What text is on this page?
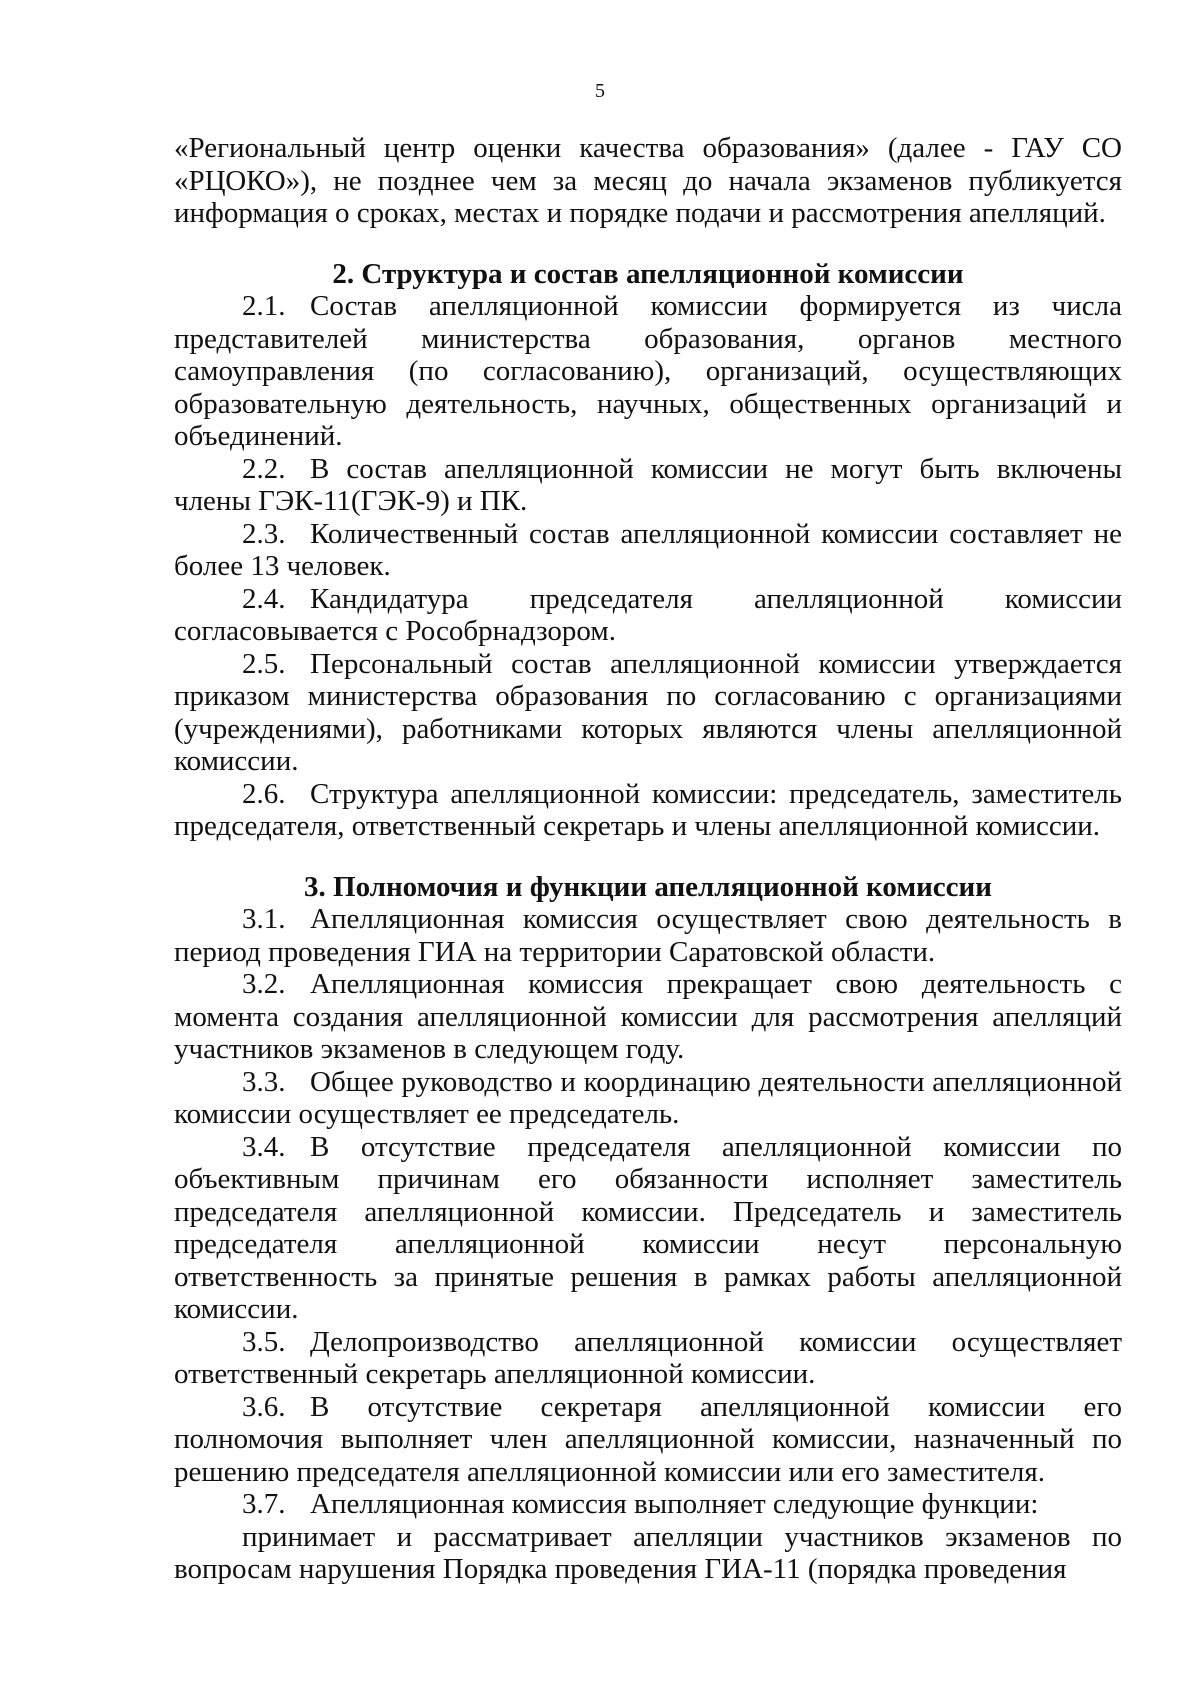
5

«Региональный центр оценки качества образования» (далее - ГАУ СО «РЦОКО»), не позднее чем за месяц до начала экзаменов публикуется информация о сроках, местах и порядке подачи и рассмотрения апелляций.

2. Структура и состав апелляционной комиссии

2.1. Состав апелляционной комиссии формируется из числа представителей министерства образования, органов местного самоуправления (по согласованию), организаций, осуществляющих образовательную деятельность, научных, общественных организаций и объединений.

2.2. В состав апелляционной комиссии не могут быть включены члены ГЭК-11(ГЭК-9) и ПК.

2.3. Количественный состав апелляционной комиссии составляет не более 13 человек.

2.4. Кандидатура председателя апелляционной комиссии согласовывается с Рособрнадзором.

2.5. Персональный состав апелляционной комиссии утверждается приказом министерства образования по согласованию с организациями (учреждениями), работниками которых являются члены апелляционной комиссии.

2.6. Структура апелляционной комиссии: председатель, заместитель председателя, ответственный секретарь и члены апелляционной комиссии.

3. Полномочия и функции апелляционной комиссии

3.1. Апелляционная комиссия осуществляет свою деятельность в период проведения ГИА на территории Саратовской области.

3.2. Апелляционная комиссия прекращает свою деятельность с момента создания апелляционной комиссии для рассмотрения апелляций участников экзаменов в следующем году.

3.3. Общее руководство и координацию деятельности апелляционной комиссии осуществляет ее председатель.

3.4. В отсутствие председателя апелляционной комиссии по объективным причинам его обязанности исполняет заместитель председателя апелляционной комиссии. Председатель и заместитель председателя апелляционной комиссии несут персональную ответственность за принятые решения в рамках работы апелляционной комиссии.

3.5. Делопроизводство апелляционной комиссии осуществляет ответственный секретарь апелляционной комиссии.

3.6. В отсутствие секретаря апелляционной комиссии его полномочия выполняет член апелляционной комиссии, назначенный по решению председателя апелляционной комиссии или его заместителя.

3.7. Апелляционная комиссия выполняет следующие функции:

принимает и рассматривает апелляции участников экзаменов по вопросам нарушения Порядка проведения ГИА-11 (порядка проведения
